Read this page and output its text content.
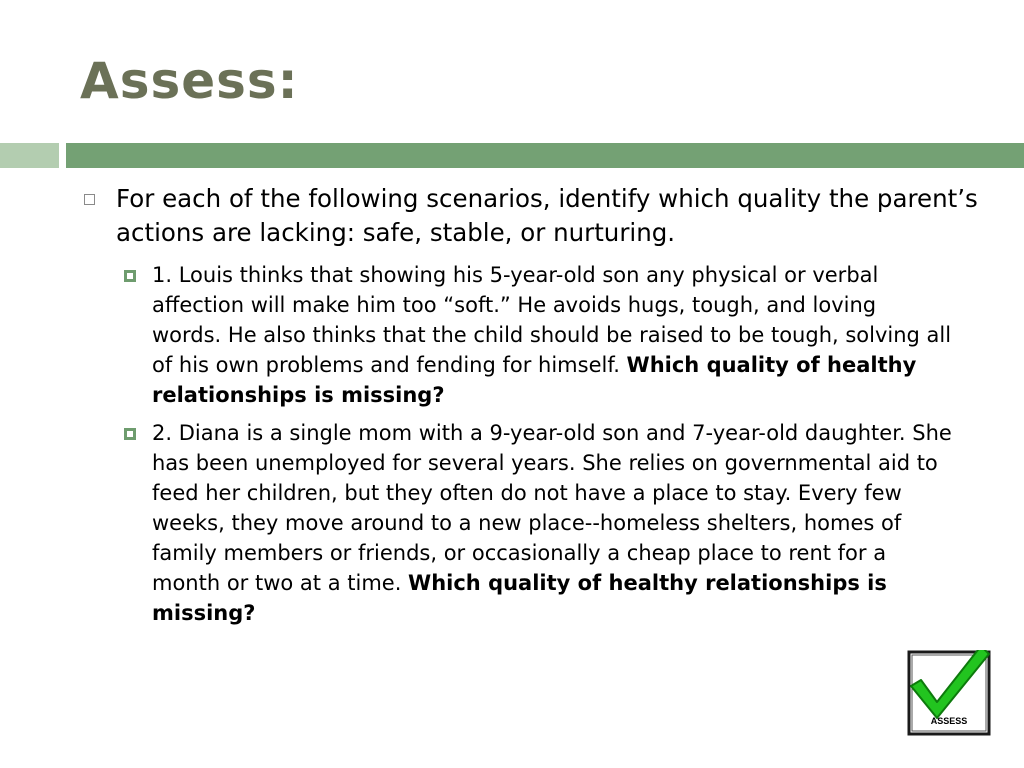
Assess:
For each of the following scenarios, identify which quality the parent’s actions are lacking: safe, stable, or nurturing.
1. Louis thinks that showing his 5-year-old son any physical or verbal affection will make him too “soft.” He avoids hugs, tough, and loving words. He also thinks that the child should be raised to be tough, solving all of his own problems and fending for himself. Which quality of healthy relationships is missing?
2. Diana is a single mom with a 9-year-old son and 7-year-old daughter. She has been unemployed for several years. She relies on governmental aid to feed her children, but they often do not have a place to stay. Every few weeks, they move around to a new place--homeless shelters, homes of family members or friends, or occasionally a cheap place to rent for a month or two at a time. Which quality of healthy relationships is missing?
ASSESS
